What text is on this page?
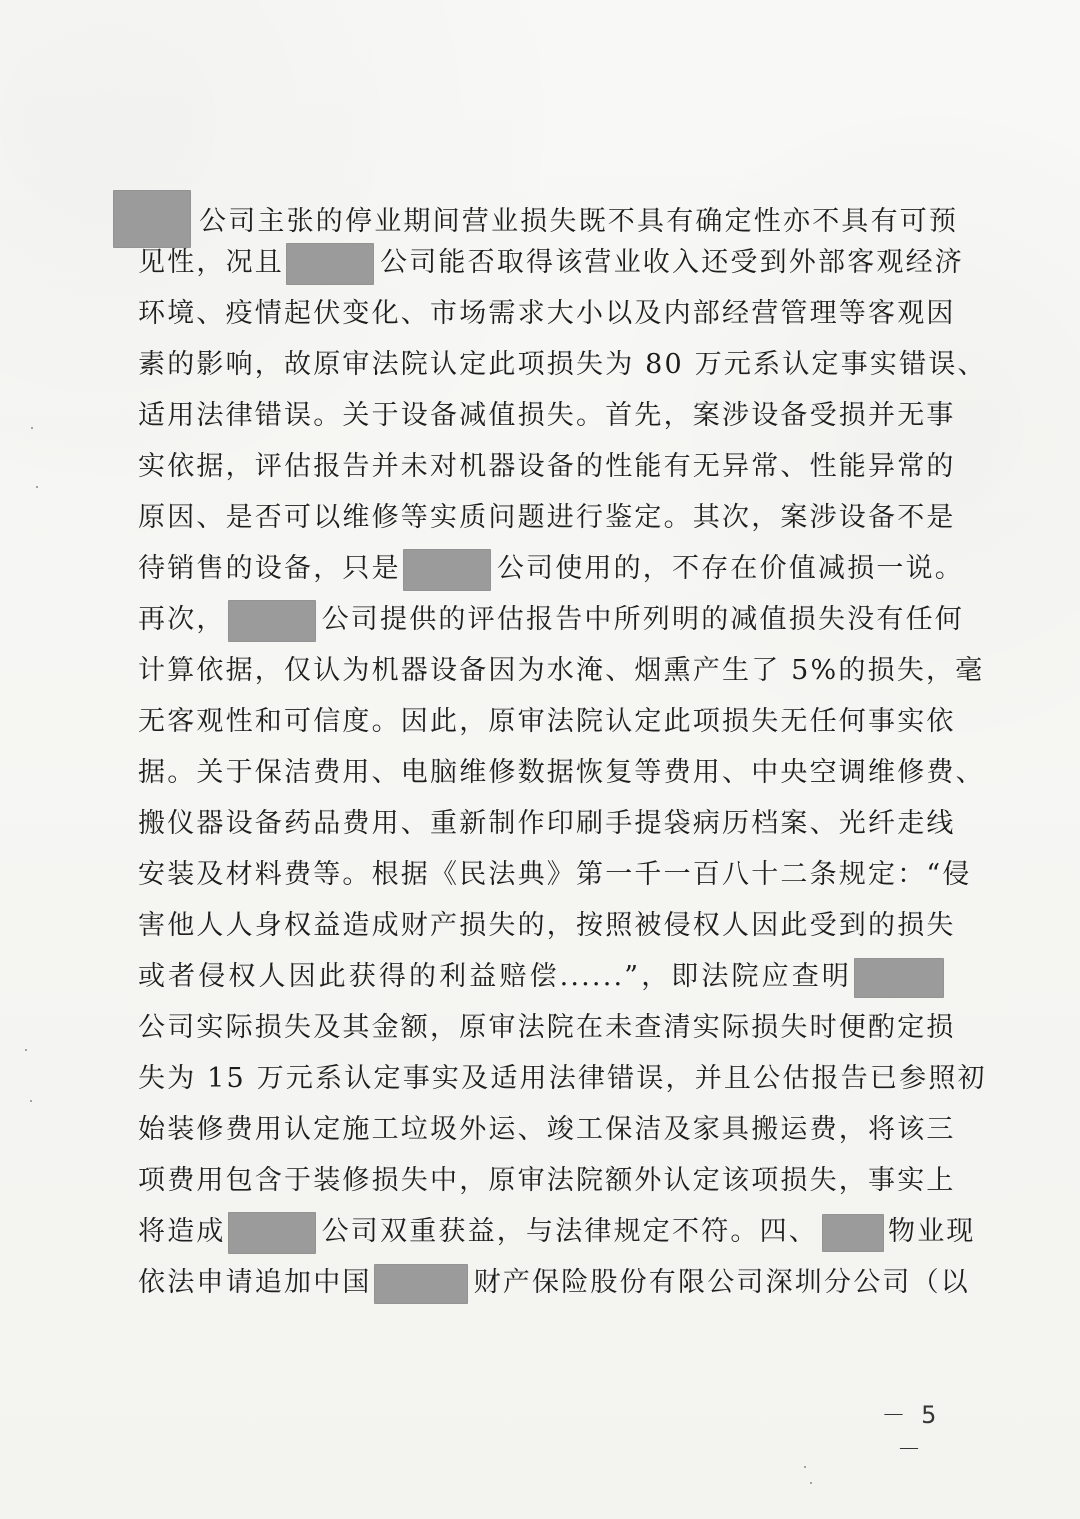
公司主张的停业期间营业损失既不具有确定性亦不具有可预
见性，况且	公司能否取得该营业收入还受到外部客观经济
环境、疫情起伏变化、市场需求大小以及内部经营管理等客观因
素的影响，故原审法院认定此项损失为 80 万元系认定事实错误、
适用法律错误。关于设备减值损失。首先，案涉设备受损并无事
实依据，评估报告并未对机器设备的性能有无异常、性能异常的
原因、是否可以维修等实质问题进行鉴定。其次，案涉设备不是
待销售的设备，只是	公司使用的，不存在价值减损一说。
再次，	公司提供的评估报告中所列明的减值损失没有任何
计算依据，仅认为机器设备因为水淹、烟熏产生了 5%的损失，毫
无客观性和可信度。因此，原审法院认定此项损失无任何事实依
据。关于保洁费用、电脑维修数据恢复等费用、中央空调维修费、
搬仪器设备药品费用、重新制作印刷手提袋病历档案、光纤走线
安装及材料费等。根据《民法典》第一千一百八十二条规定：“侵
害他人人身权益造成财产损失的，按照被侵权人因此受到的损失
或者侵权人因此获得的利益赔偿......”，即法院应查明
公司实际损失及其金额，原审法院在未查清实际损失时便酌定损
失为 15 万元系认定事实及适用法律错误，并且公估报告已参照初
始装修费用认定施工垃圾外运、竣工保洁及家具搬运费，将该三
项费用包含于装修损失中，原审法院额外认定该项损失，事实上
将造成	公司双重获益，与法律规定不符。四、	物业现
依法申请追加中国	财产保险股份有限公司深圳分公司（以
－ 5 －
